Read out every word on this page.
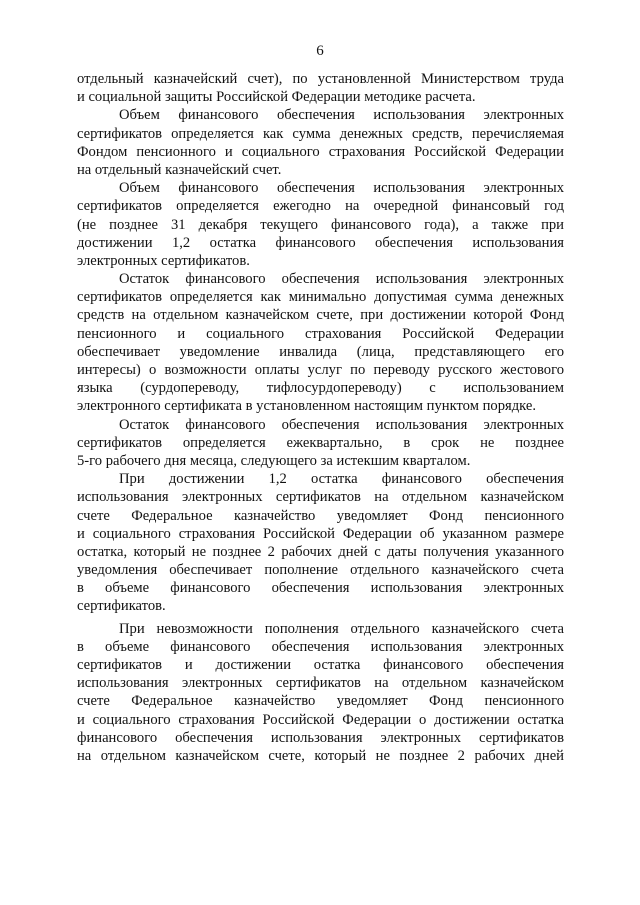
6
отдельный казначейский счет), по установленной Министерством труда
и социальной защиты Российской Федерации методике расчета.
Объем финансового обеспечения использования электронных
сертификатов определяется как сумма денежных средств, перечисляемая
Фондом пенсионного и социального страхования Российской Федерации
на отдельный казначейский счет.
Объем финансового обеспечения использования электронных
сертификатов определяется ежегодно на очередной финансовый год
(не позднее 31 декабря текущего финансового года), а также при
достижении 1,2 остатка финансового обеспечения использования
электронных сертификатов.
Остаток финансового обеспечения использования электронных
сертификатов определяется как минимально допустимая сумма денежных
средств на отдельном казначейском счете, при достижении которой Фонд
пенсионного и социального страхования Российской Федерации
обеспечивает уведомление инвалида (лица, представляющего его
интересы) о возможности оплаты услуг по переводу русского жестового
языка (сурдопереводу, тифлосурдопереводу) с использованием
электронного сертификата в установленном настоящим пунктом порядке.
Остаток финансового обеспечения использования электронных
сертификатов определяется ежеквартально, в срок не позднее
5-го рабочего дня месяца, следующего за истекшим кварталом.
При достижении 1,2 остатка финансового обеспечения
использования электронных сертификатов на отдельном казначейском
счете Федеральное казначейство уведомляет Фонд пенсионного
и социального страхования Российской Федерации об указанном размере
остатка, который не позднее 2 рабочих дней с даты получения указанного
уведомления обеспечивает пополнение отдельного казначейского счета
в объеме финансового обеспечения использования электронных
сертификатов.
При невозможности пополнения отдельного казначейского счета
в объеме финансового обеспечения использования электронных
сертификатов и достижении остатка финансового обеспечения
использования электронных сертификатов на отдельном казначейском
счете Федеральное казначейство уведомляет Фонд пенсионного
и социального страхования Российской Федерации о достижении остатка
финансового обеспечения использования электронных сертификатов
на отдельном казначейском счете, который не позднее 2 рабочих дней
